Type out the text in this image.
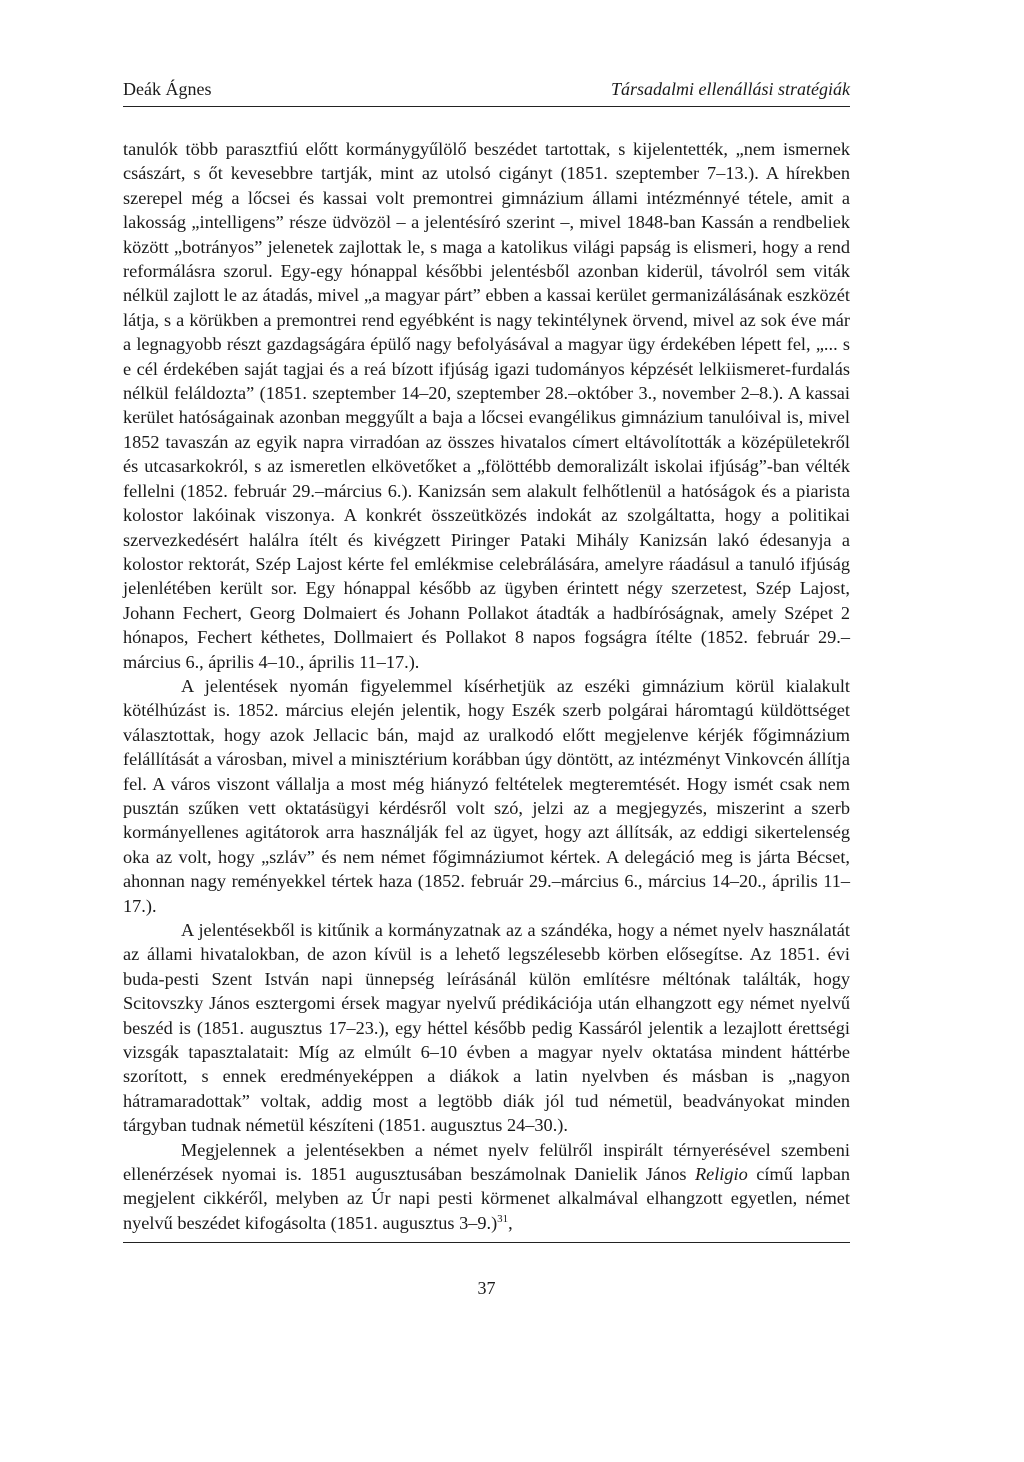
Deák Ágnes	Társadalmi ellenállási stratégiák

tanulók több parasztfiú előtt kormánygyűlölő beszédet tartottak, s kijelentették, „nem ismernek császárt, s őt kevesebbre tartják, mint az utolsó cigányt (1851. szeptember 7–13.). A hírekben szerepel még a lőcsei és kassai volt premontrei gimnázium állami intézménnyé tétele, amit a lakosság „intelligens” része üdvözöl – a jelentésíró szerint –, mivel 1848-ban Kassán a rendbeliek között „botrányos” jelenetek zajlottak le, s maga a katolikus világi papság is elismeri, hogy a rend reformálásra szorul. Egy-egy hónappal későbbi jelentésből azonban kiderül, távolról sem viták nélkül zajlott le az átadás, mivel „a magyar párt” ebben a kassai kerület germanizálásának eszközét látja, s a körükben a premontrei rend egyébként is nagy tekintélynek örvend, mivel az sok éve már a legnagyobb részt gazdagságára épülő nagy befolyásával a magyar ügy érdekében lépett fel, „... s e cél érdekében saját tagjai és a reá bízott ifjúság igazi tudományos képzését lelkiismeret-furdalás nélkül feláldozta” (1851. szeptember 14–20, szeptember 28.–október 3., november 2–8.). A kassai kerület hatóságainak azonban meggyűlt a baja a lőcsei evangélikus gimnázium tanulóival is, mivel 1852 tavaszán az egyik napra virradóan az összes hivatalos címert eltávolították a középületekről és utcasarkokról, s az ismeretlen elkövetőket a „fölöttébb demoralizált iskolai ifjúság”-ban vélték fellelni (1852. február 29.–március 6.). Kanizsán sem alakult felhőtlenül a hatóságok és a piarista kolostor lakóinak viszonya. A konkrét összeütközés indokát az szolgáltatta, hogy a politikai szervezkedésért halálra ítélt és kivégzett Piringer Pataki Mihály Kanizsán lakó édesanyja a kolostor rektorát, Szép Lajost kérte fel emlékmise celebrálására, amelyre ráadásul a tanuló ifjúság jelenlétében került sor. Egy hónappal később az ügyben érintett négy szerzetest, Szép Lajost, Johann Fechert, Georg Dolmaiert és Johann Pollakot átadták a hadbíróságnak, amely Szépet 2 hónapos, Fechert kéthetes, Dollmaiert és Pollakot 8 napos fogságra ítélte (1852. február 29.–március 6., április 4–10., április 11–17.).

A jelentések nyomán figyelemmel kísérhetjük az eszéki gimnázium körül kialakult kötélhúzást is. 1852. március elején jelentik, hogy Eszék szerb polgárai háromtagú küldöttséget választottak, hogy azok Jellacic bán, majd az uralkodó előtt megjelenve kérjék főgimnázium felállítását a városban, mivel a minisztérium korábban úgy döntött, az intézményt Vinkovcén állítja fel. A város viszont vállalja a most még hiányzó feltételek megteremtését. Hogy ismét csak nem pusztán szűken vett oktatásügyi kérdésről volt szó, jelzi az a megjegyzés, miszerint a szerb kormányellenes agitátorok arra használják fel az ügyet, hogy azt állítsák, az eddigi sikertelenség oka az volt, hogy „szláv” és nem német főgimnáziumot kértek. A delegáció meg is járta Bécset, ahonnan nagy reményekkel tértek haza (1852. február 29.–március 6., március 14–20., április 11–17.).

A jelentésekből is kitűnik a kormányzatnak az a szándéka, hogy a német nyelv használatát az állami hivatalokban, de azon kívül is a lehető legszélesebb körben elősegítse. Az 1851. évi buda-pesti Szent István napi ünnepség leírásánál külön említésre méltónak találták, hogy Scitovszky János esztergomi érsek magyar nyelvű prédikációja után elhangzott egy német nyelvű beszéd is (1851. augusztus 17–23.), egy héttel később pedig Kassáról jelentik a lezajlott érettségi vizsgák tapasztalatait: Míg az elmúlt 6–10 évben a magyar nyelv oktatása mindent háttérbe szorított, s ennek eredményeképpen a diákok a latin nyelvben és másban is „nagyon hátramaradottak” voltak, addig most a legtöbb diák jól tud németül, beadványokat minden tárgyban tudnak németül készíteni (1851. augusztus 24–30.).

Megjelennek a jelentésekben a német nyelv felülről inspirált térnyerésével szembeni ellenérzések nyomai is. 1851 augusztusában beszámolnak Danielik János Religio című lapban megjelent cikkéről, melyben az Úr napi pesti körmenet alkalmával elhangzott egyetlen, német nyelvű beszédet kifogásolta (1851. augusztus 3–9.)$^{31}$,

37
